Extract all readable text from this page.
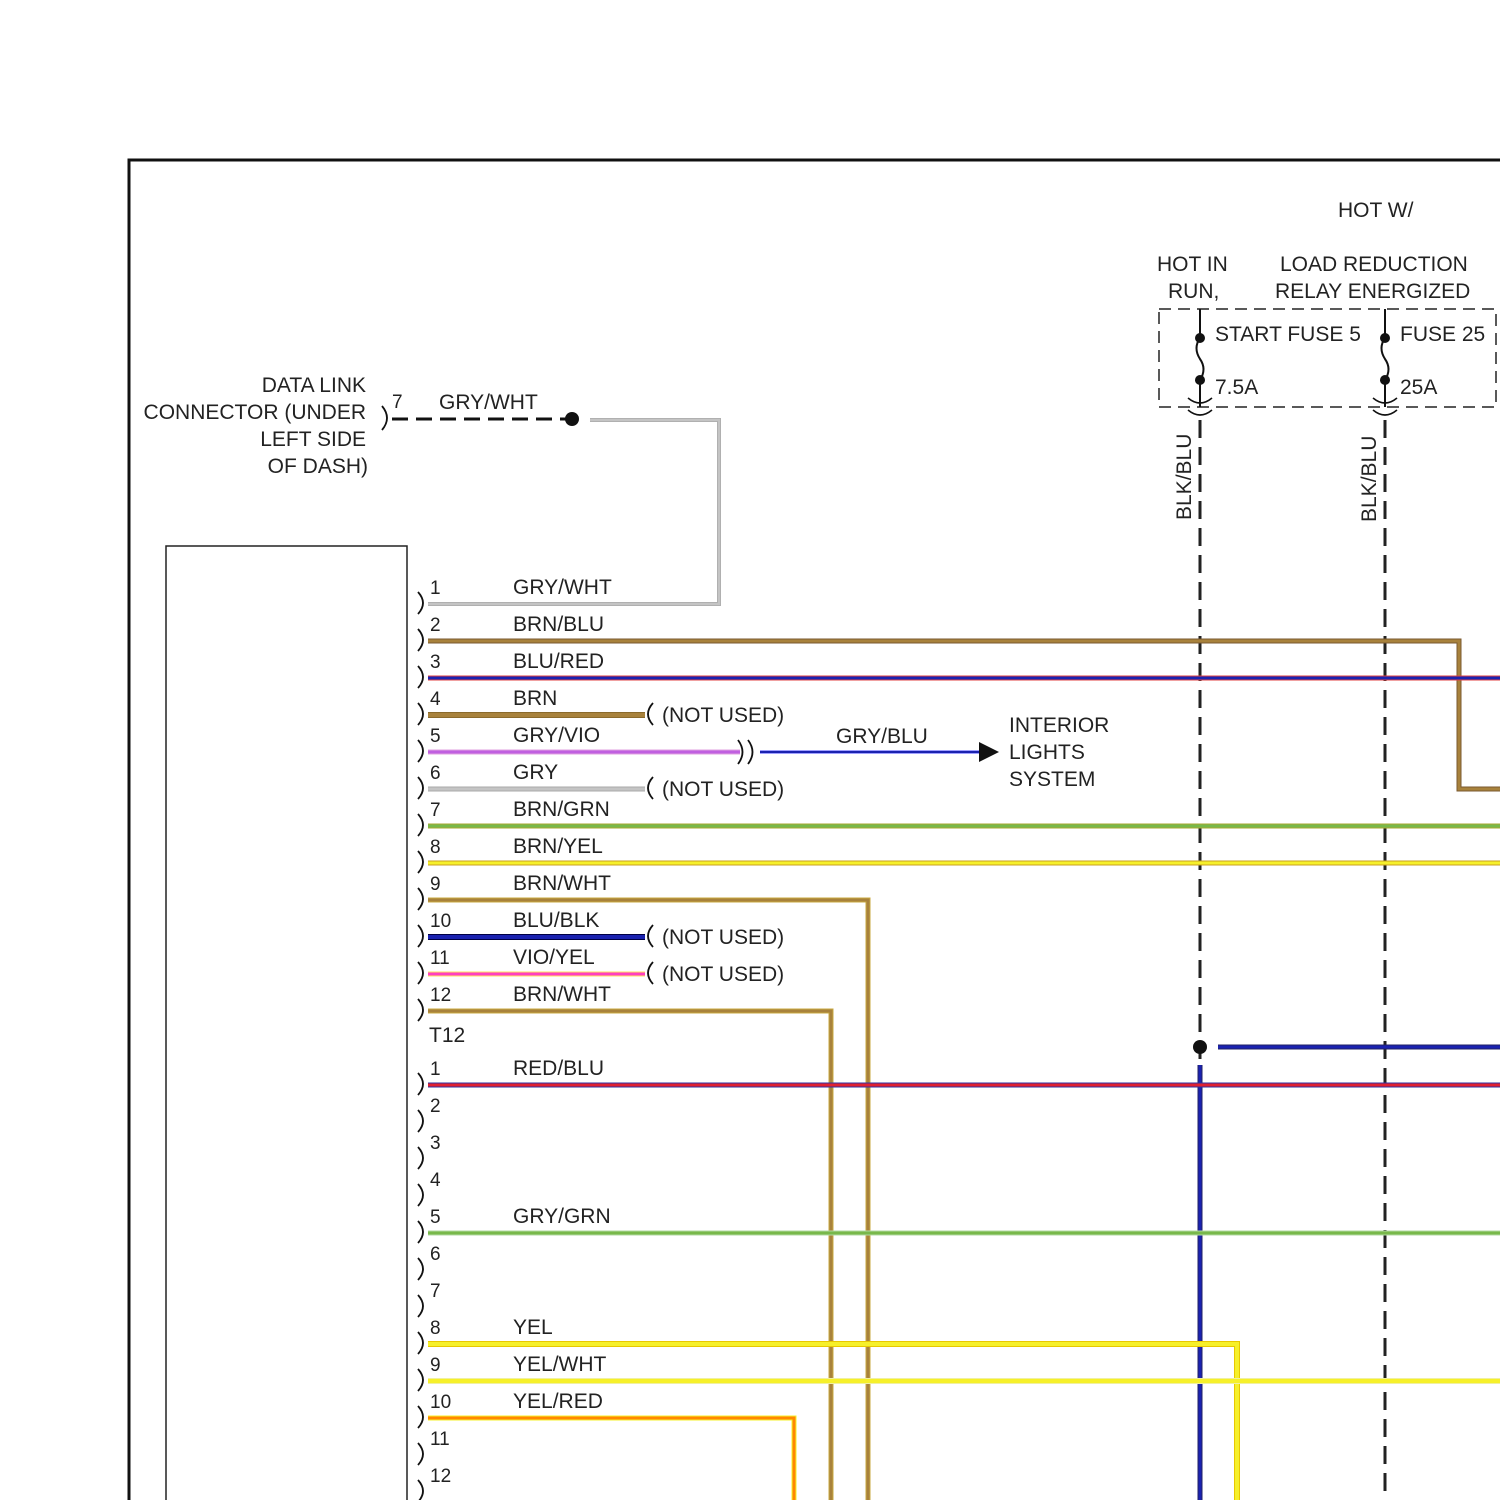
HOT W/
HOT IN
RUN,
LOAD REDUCTION
RELAY ENERGIZED
START FUSE 5
7.5A
FUSE 25
25A
BLK/BLU	BLK/BLU
DATA LINK
CONNECTOR (UNDER
LEFT SIDE
OF DASH)
7 GRY/WHT
1	GRY/WHT
2	BRN/BLU
3	BLU/RED
4	BRN
(NOT USED)
5	GRY/VIO
6	GRY
(NOT USED)
7	BRN/GRN
8	BRN/YEL
9	BRN/WHT
10	BLU/BLK
(NOT USED)
11	VIO/YEL
(NOT USED)
12	BRN/WHT
1	RED/BLU
2
3
4
5	GRY/GRN
6
7
8	YEL
9	YEL/WHT
10	YEL/RED
11
12
INTERIOR
LIGHTS
SYSTEM
GRY/BLU
T12
